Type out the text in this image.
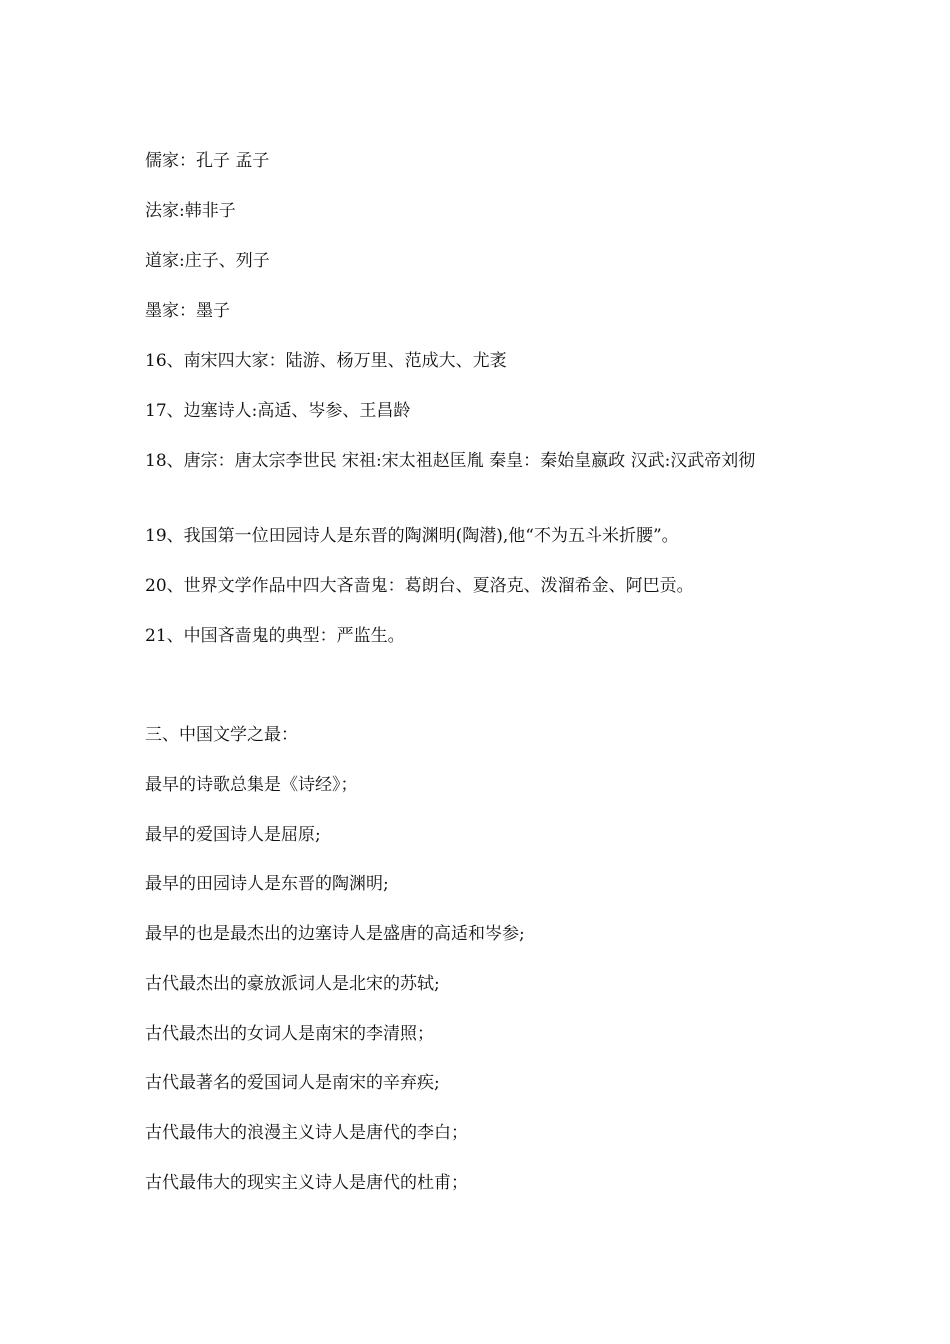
儒家：孔子 孟子
法家:韩非子
道家:庄子、列子
墨家：墨子
16、南宋四大家：陆游、杨万里、范成大、尤袤
17、边塞诗人:高适、岑参、王昌龄
18、唐宗：唐太宗李世民 宋祖:宋太祖赵匡胤 秦皇：秦始皇嬴政 汉武:汉武帝刘彻
19、我国第一位田园诗人是东晋的陶渊明(陶潜),他“不为五斗米折腰”。
20、世界文学作品中四大吝啬鬼：葛朗台、夏洛克、泼溜希金、阿巴贡。
21、中国吝啬鬼的典型：严监生。
三、中国文学之最：
最早的诗歌总集是《诗经》；
最早的爱国诗人是屈原;
最早的田园诗人是东晋的陶渊明;
最早的也是最杰出的边塞诗人是盛唐的高适和岑参;
古代最杰出的豪放派词人是北宋的苏轼;
古代最杰出的女词人是南宋的李清照；
古代最著名的爱国词人是南宋的辛弃疾;
古代最伟大的浪漫主义诗人是唐代的李白；
古代最伟大的现实主义诗人是唐代的杜甫；
